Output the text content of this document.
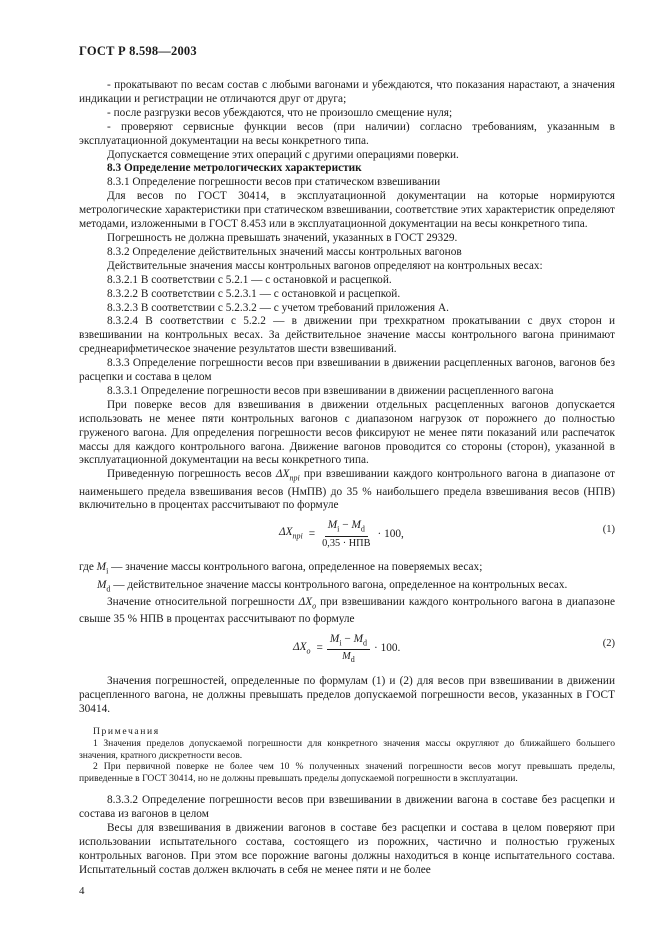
ГОСТ Р 8.598—2003

- прокатывают по весам состав с любыми вагонами и убеждаются, что показания нарастают, а значения индикации и регистрации не отличаются друг от друга;

- после разгрузки весов убеждаются, что не произошло смещение нуля;

- проверяют сервисные функции весов (при наличии) согласно требованиям, указанным в эксплуатационной документации на весы конкретного типа.

Допускается совмещение этих операций с другими операциями поверки.

8.3 Определение метрологических характеристик

8.3.1 Определение погрешности весов при статическом взвешивании

Для весов по ГОСТ 30414, в эксплуатационной документации на которые нормируются метрологические характеристики при статическом взвешивании, соответствие этих характеристик определяют методами, изложенными в ГОСТ 8.453 или в эксплуатационной документации на весы конкретного типа.

Погрешность не должна превышать значений, указанных в ГОСТ 29329.

8.3.2 Определение действительных значений массы контрольных вагонов

Действительные значения массы контрольных вагонов определяют на контрольных весах:

8.3.2.1 В соответствии с 5.2.1 — с остановкой и расцепкой.

8.3.2.2 В соответствии с 5.2.3.1 — с остановкой и расцепкой.

8.3.2.3 В соответствии с 5.2.3.2 — с учетом требований приложения А.

8.3.2.4 В соответствии с 5.2.2 — в движении при трехкратном прокатывании с двух сторон и взвешивании на контрольных весах. За действительное значение массы контрольного вагона принимают среднеарифметическое значение результатов шести взвешиваний.

8.3.3 Определение погрешности весов при взвешивании в движении расцепленных вагонов, вагонов без расцепки и состава в целом

8.3.3.1 Определение погрешности весов при взвешивании в движении расцепленного вагона

При поверке весов для взвешивания в движении отдельных расцепленных вагонов допускается использовать не менее пяти контрольных вагонов с диапазоном нагрузок от порожнего до полностью груженого вагона. Для определения погрешности весов фиксируют не менее пяти показаний или распечаток массы для каждого контрольного вагона. Движение вагонов проводится со стороны (сторон), указанной в эксплуатационной документации на весы конкретного типа.

Приведенную погрешность весов $\Delta X_{прi}$ при взвешивании каждого контрольного вагона в диапазоне от наименьшего предела взвешивания весов (НмПВ) до 35 % наибольшего предела взвешивания весов (НПВ) включительно в процентах рассчитывают по формуле

$\Delta X_{прi} = \frac{M_i - M_d}{\text{0,35 · НПВ}} \cdot 100$,	(1)

где $M_i$ — значение массы контрольного вагона, определенное на поверяемых весах;

$M_d$ — действительное значение массы контрольного вагона, определенное на контрольных весах.

Значение относительной погрешности $\Delta X_о$ при взвешивании каждого контрольного вагона в диапазоне свыше 35 % НПВ в процентах рассчитывают по формуле

$\Delta X_о = \frac{M_i - M_d}{M_d} \cdot 100$.	(2)

Значения погрешностей, определенные по формулам (1) и (2) для весов при взвешивании в движении расцепленного вагона, не должны превышать пределов допускаемой погрешности весов, указанных в ГОСТ 30414.

Примечания

1 Значения пределов допускаемой погрешности для конкретного значения массы округляют до ближайшего большего значения, кратного дискретности весов.

2 При первичной поверке не более чем 10 % полученных значений погрешности весов могут превышать пределы, приведенные в ГОСТ 30414, но не должны превышать пределы допускаемой погрешности в эксплуатации.

8.3.3.2 Определение погрешности весов при взвешивании в движении вагона в составе без расцепки и состава из вагонов в целом

Весы для взвешивания в движении вагонов в составе без расцепки и состава в целом поверяют при использовании испытательного состава, состоящего из порожних, частично и полностью груженых контрольных вагонов. При этом все порожние вагоны должны находиться в конце испытательного состава. Испытательный состав должен включать в себя не менее пяти и не более

4
